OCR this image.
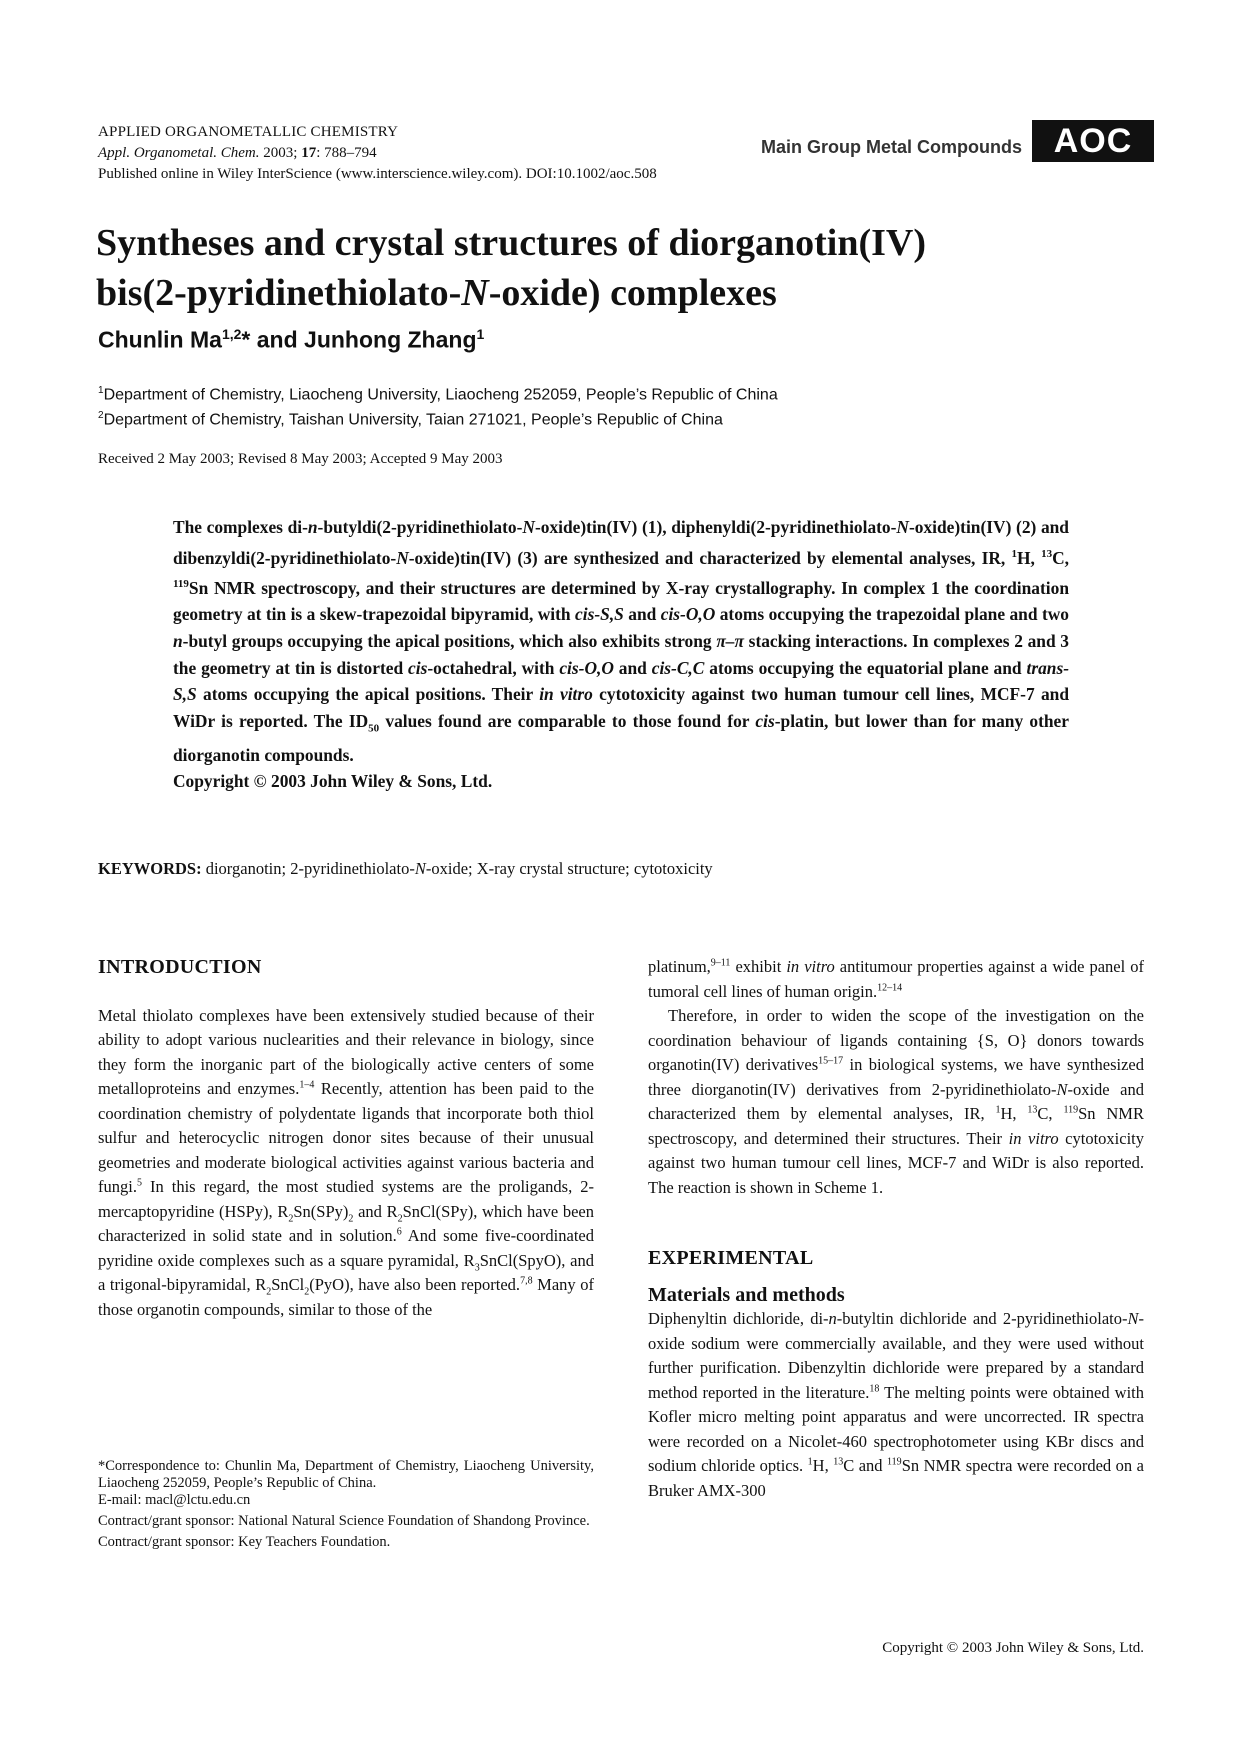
APPLIED ORGANOMETALLIC CHEMISTRY
Appl. Organometal. Chem. 2003; 17: 788–794
Published online in Wiley InterScience (www.interscience.wiley.com). DOI:10.1002/aoc.508
Main Group Metal Compounds AOC
Syntheses and crystal structures of diorganotin(IV)
bis(2-pyridinethiolato-N-oxide) complexes
Chunlin Ma$^{1,2}$* and Junhong Zhang$^1$
$^1$Department of Chemistry, Liaocheng University, Liaocheng 252059, People’s Republic of China
$^2$Department of Chemistry, Taishan University, Taian 271021, People’s Republic of China
Received 2 May 2003; Revised 8 May 2003; Accepted 9 May 2003

The complexes di-n-butyldi(2-pyridinethiolato-N-oxide)tin(IV) (1), diphenyldi(2-pyridinethiolato-N-oxide)tin(IV) (2) and dibenzyldi(2-pyridinethiolato-N-oxide)tin(IV) (3) are synthesized and characterized by elemental analyses, IR, $^1$H, $^{13}$C, $^{119}$Sn NMR spectroscopy, and their structures are determined by X-ray crystallography. In complex 1 the coordination geometry at tin is a skew-trapezoidal bipyramid, with cis-S,S and cis-O,O atoms occupying the trapezoidal plane and two n-butyl groups occupying the apical positions, which also exhibits strong π–π stacking interactions. In complexes 2 and 3 the geometry at tin is distorted cis-octahedral, with cis-O,O and cis-C,C atoms occupying the equatorial plane and trans-S,S atoms occupying the apical positions. Their in vitro cytotoxicity against two human tumour cell lines, MCF-7 and WiDr is reported. The $ID_{50}$ values found are comparable to those found for cis-platin, but lower than for many other diorganotin compounds.
Copyright © 2003 John Wiley & Sons, Ltd.

KEYWORDS: diorganotin; 2-pyridinethiolato-N-oxide; X-ray crystal structure; cytotoxicity
INTRODUCTION

Metal thiolato complexes have been extensively studied because of their ability to adopt various nuclearities and their relevance in biology, since they form the inorganic part of the biologically active centers of some metalloproteins and enzymes.$^{1-4}$ Recently, attention has been paid to the coordination chemistry of polydentate ligands that incorporate both thiol sulfur and heterocyclic nitrogen donor sites because of their unusual geometries and moderate biological activities against various bacteria and fungi.$^5$ In this regard, the most studied systems are the proligands, 2-mercaptopyridine (HSPy), $R_2Sn(SPy)_2$ and $R_2SnCl(SPy)$, which have been characterized in solid state and in solution.$^6$ And some five-coordinated pyridine oxide complexes such as a square pyramidal, $R_3SnCl(SpyO)$, and a trigonal-bipyramidal, $R_2SnCl_2(PyO)$, have also been reported.$^{7,8}$ Many of those organotin compounds, similar to those of the

*Correspondence to: Chunlin Ma, Department of Chemistry, Liaocheng University, Liaocheng 252059, People’s Republic of China.
E-mail: macl@lctu.edu.cn

Contract/grant sponsor: National Natural Science Foundation of Shandong Province.

Contract/grant sponsor: Key Teachers Foundation.

platinum,$^{9-11}$ exhibit in vitro antitumour properties against a wide panel of tumoral cell lines of human origin.$^{12-14}$

Therefore, in order to widen the scope of the investigation on the coordination behaviour of ligands containing {S, O} donors towards organotin(IV) derivatives$^{15-17}$ in biological systems, we have synthesized three diorganotin(IV) derivatives from 2-pyridinethiolato-N-oxide and characterized them by elemental analyses, IR, $^1$H, $^{13}$C, $^{119}$Sn NMR spectroscopy, and determined their structures. Their in vitro cytotoxicity against two human tumour cell lines, MCF-7 and WiDr is also reported. The reaction is shown in Scheme 1.

EXPERIMENTAL
Materials and methods

Diphenyltin dichloride, di-n-butyltin dichloride and 2-pyridinethiolato-N-oxide sodium were commercially available, and they were used without further purification. Dibenzyltin dichloride were prepared by a standard method reported in the literature.$^{18}$ The melting points were obtained with Kofler micro melting point apparatus and were uncorrected. IR spectra were recorded on a Nicolet-460 spectrophotometer using KBr discs and sodium chloride optics. $^1$H, $^{13}$C and $^{119}$Sn NMR spectra were recorded on a Bruker AMX-300

Copyright © 2003 John Wiley & Sons, Ltd.
